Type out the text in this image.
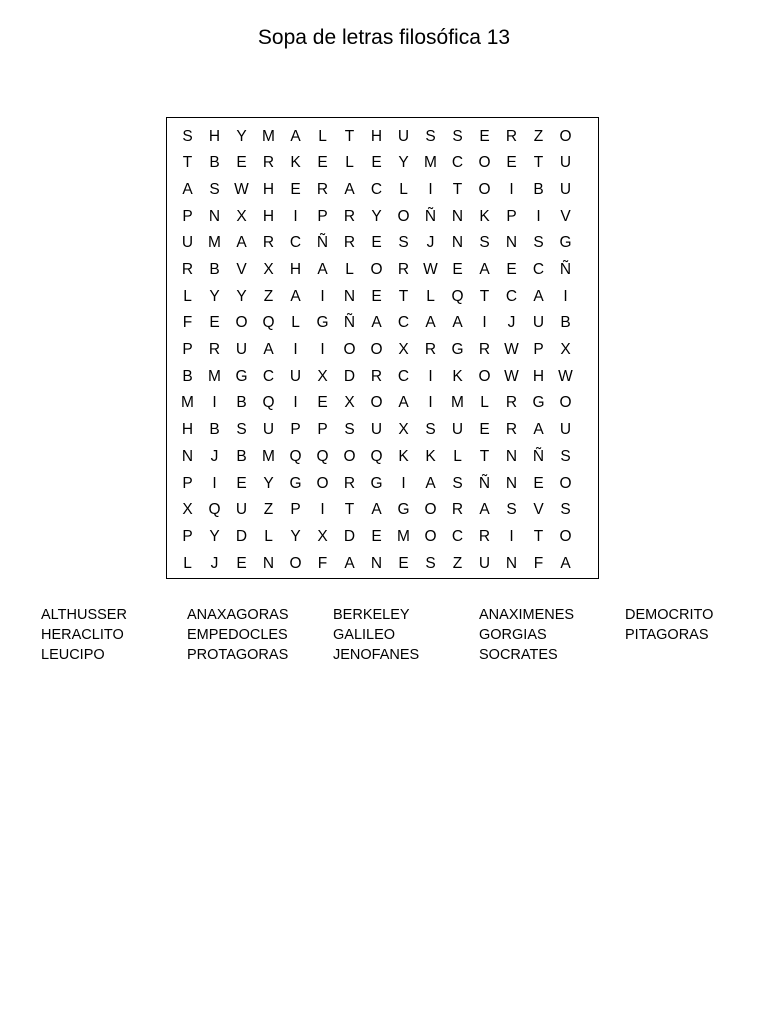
Sopa de letras filosófica 13
S	H	Y M A	L	T	H	U	S	S	E	R	Z	O
T	B	E	R	K	E	L	E	Y M C O	E	T	U
A	S W H	E	R	A	C	L	I	T	O	I	B	U
P	N	X	H	I	P	R	Y	O Ñ	N	K	P	I	V
U M A	R	C	Ñ	R	E	S	J	N	S	N	S	G
R	B	V	X	H	A	L	O R W E	A	E	C	Ñ
L	Y	Y	Z	A	I	N	E	T	L	Q	T	C	A	I
F	E	O Q	L	G Ñ	A	C	A	A	I	J	U	B
P	R	U	A	I	I	O O	X	R G R W P	X
B M G C	U	X	D	R	C	I	K	O W H W
M	I	B	Q	I	E	X	O	A	I	M	L	R G O
H	B	S	U	P	P	S	U	X	S	U	E	R	A	U
N	J	B M Q Q O Q	K	K	L	T	N	Ñ	S
P	I	E	Y	G O R G	I	A	S	Ñ	N	E	O
X	Q U	Z	P	I	T	A	G O R	A	S	V	S
P	Y	D	L	Y	X	D	E M O C	R	I	T	O
L	J	E	N O	F	A	N	E	S	Z	U	N	F	A
ALTHUSSER	ANAXAGORAS	BERKELEY	ANAXIMENES	DEMOCRITO
HERACLITO	EMPEDOCLES	GALILEO	GORGIAS	PITAGORAS
LEUCIPO	PROTAGORAS	JENOFANES	SOCRATES
